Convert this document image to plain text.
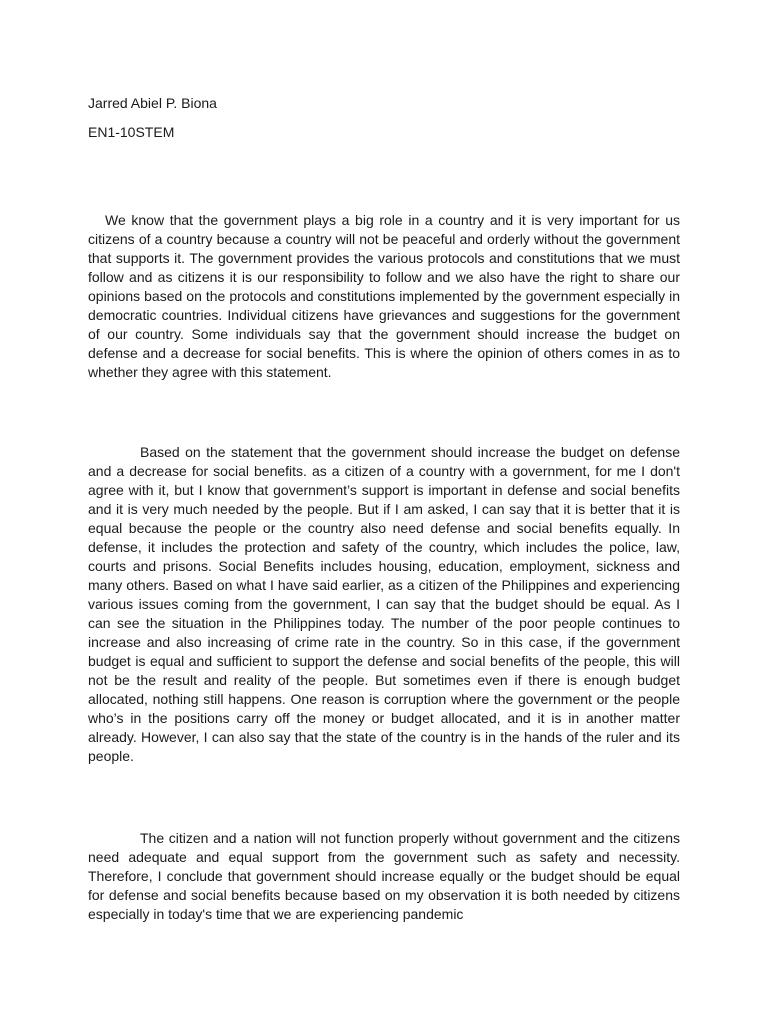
Jarred Abiel P. Biona
EN1-10STEM

We know that the government plays a big role in a country and it is very important for us citizens of a country because a country will not be peaceful and orderly without the government that supports it. The government provides the various protocols and constitutions that we must follow and as citizens it is our responsibility to follow and we also have the right to share our opinions based on the protocols and constitutions implemented by the government especially in democratic countries. Individual citizens have grievances and suggestions for the government of our country. Some individuals say that the government should increase the budget on defense and a decrease for social benefits. This is where the opinion of others comes in as to whether they agree with this statement.

Based on the statement that the government should increase the budget on defense and a decrease for social benefits. as a citizen of a country with a government, for me I don't agree with it, but I know that government’s support is important in defense and social benefits and it is very much needed by the people. But if I am asked, I can say that it is better that it is equal because the people or the country also need defense and social benefits equally. In defense, it includes the protection and safety of the country, which includes the police, law, courts and prisons. Social Benefits includes housing, education, employment, sickness and many others. Based on what I have said earlier, as a citizen of the Philippines and experiencing various issues coming from the government, I can say that the budget should be equal. As I can see the situation in the Philippines today. The number of the poor people continues to increase and also increasing of crime rate in the country. So in this case, if the government budget is equal and sufficient to support the defense and social benefits of the people, this will not be the result and reality of the people. But sometimes even if there is enough budget allocated, nothing still happens. One reason is corruption where the government or the people who’s in the positions carry off the money or budget allocated, and it is in another matter already. However, I can also say that the state of the country is in the hands of the ruler and its people.

The citizen and a nation will not function properly without government and the citizens need adequate and equal support from the government such as safety and necessity. Therefore, I conclude that government should increase equally or the budget should be equal for defense and social benefits because based on my observation it is both needed by citizens especially in today's time that we are experiencing pandemic
